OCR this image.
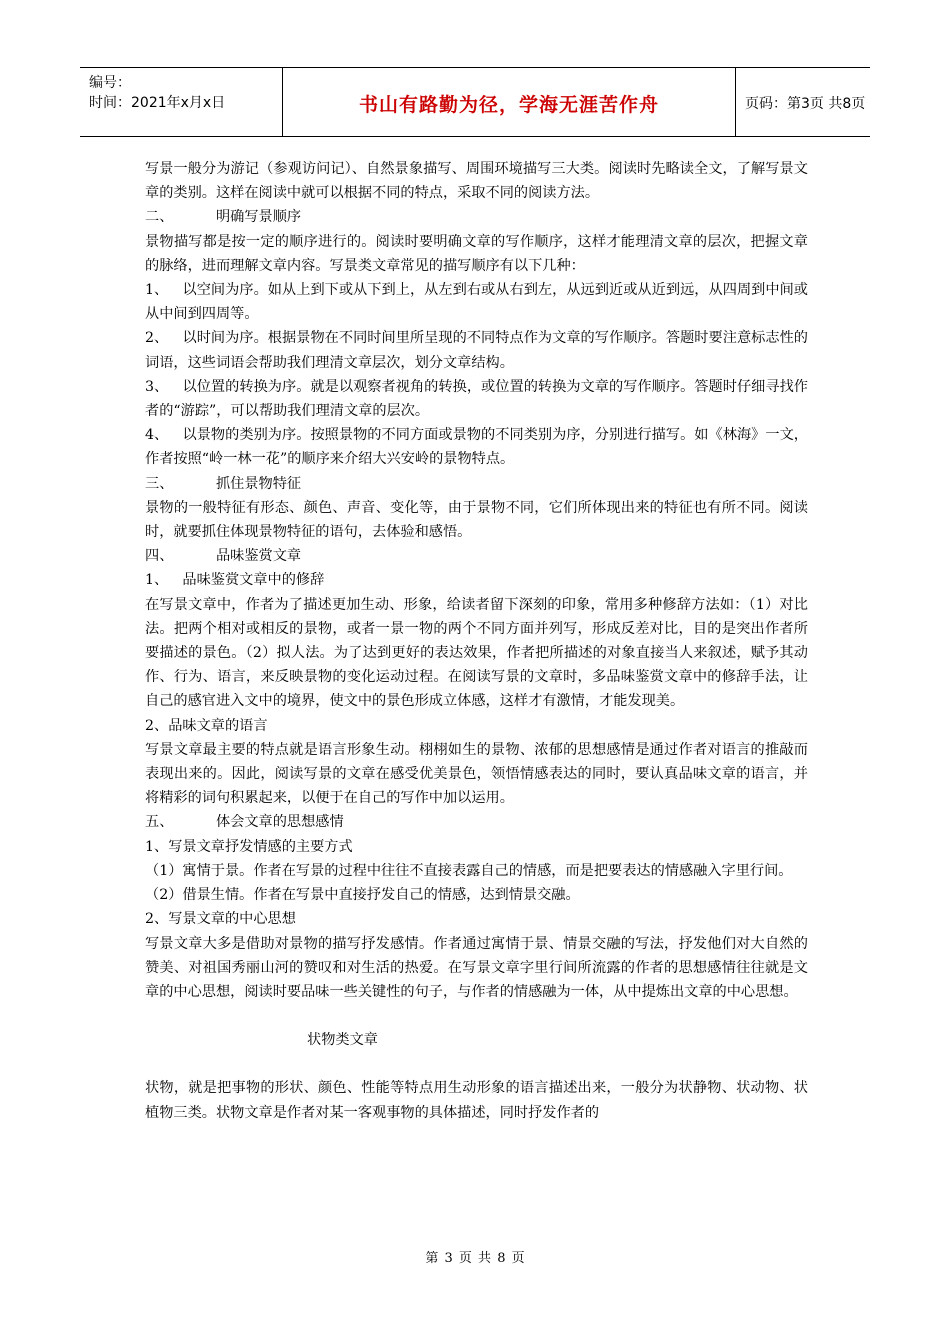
编号：
时间：2021年x月x日	书山有路勤为径，学海无涯苦作舟	页码：第3页 共8页

写景一般分为游记（参观访问记）、自然景象描写、周围环境描写三大类。阅读时先略读全文，了解写景文章的类别。这样在阅读中就可以根据不同的特点，采取不同的阅读方法。

二、   明确写景顺序

景物描写都是按一定的顺序进行的。阅读时要明确文章的写作顺序，这样才能理清文章的层次，把握文章的脉络，进而理解文章内容。写景类文章常见的描写顺序有以下几种：

1、 以空间为序。如从上到下或从下到上，从左到右或从右到左，从远到近或从近到远，从四周到中间或从中间到四周等。

2、 以时间为序。根据景物在不同时间里所呈现的不同特点作为文章的写作顺序。答题时要注意标志性的词语，这些词语会帮助我们理清文章层次，划分文章结构。

3、 以位置的转换为序。就是以观察者视角的转换，或位置的转换为文章的写作顺序。答题时仔细寻找作者的“游踪”，可以帮助我们理清文章的层次。

4、 以景物的类别为序。按照景物的不同方面或景物的不同类别为序，分别进行描写。如《林海》一文，作者按照“岭一林一花”的顺序来介绍大兴安岭的景物特点。

三、   抓住景物特征

景物的一般特征有形态、颜色、声音、变化等，由于景物不同，它们所体现出来的特征也有所不同。阅读时，就要抓住体现景物特征的语句，去体验和感悟。

四、   品味鉴赏文章

1、 品味鉴赏文章中的修辞

在写景文章中，作者为了描述更加生动、形象，给读者留下深刻的印象，常用多种修辞方法如：（1）对比法。把两个相对或相反的景物，或者一景一物的两个不同方面并列写，形成反差对比，目的是突出作者所要描述的景色。（2）拟人法。为了达到更好的表达效果，作者把所描述的对象直接当人来叙述，赋予其动作、行为、语言，来反映景物的变化运动过程。在阅读写景的文章时，多品味鉴赏文章中的修辞手法，让自己的感官进入文中的境界，使文中的景色形成立体感，这样才有激情，才能发现美。

2、品味文章的语言

写景文章最主要的特点就是语言形象生动。栩栩如生的景物、浓郁的思想感情是通过作者对语言的推敲而表现出来的。因此，阅读写景的文章在感受优美景色，领悟情感表达的同时，要认真品味文章的语言，并将精彩的词句积累起来，以便于在自己的写作中加以运用。

五、   体会文章的思想感情

1、写景文章抒发情感的主要方式

（1）寓情于景。作者在写景的过程中往往不直接表露自己的情感，而是把要表达的情感融入字里行间。

（2）借景生情。作者在写景中直接抒发自己的情感，达到情景交融。

2、写景文章的中心思想

写景文章大多是借助对景物的描写抒发感情。作者通过寓情于景、情景交融的写法，抒发他们对大自然的赞美、对祖国秀丽山河的赞叹和对生活的热爱。在写景文章字里行间所流露的作者的思想感情往往就是文章的中心思想，阅读时要品味一些关键性的句子，与作者的情感融为一体，从中提炼出文章的中心思想。

状物类文章

状物，就是把事物的形状、颜色、性能等特点用生动形象的语言描述出来，一般分为状静物、状动物、状植物三类。状物文章是作者对某一客观事物的具体描述，同时抒发作者的

第 3 页 共 8 页
